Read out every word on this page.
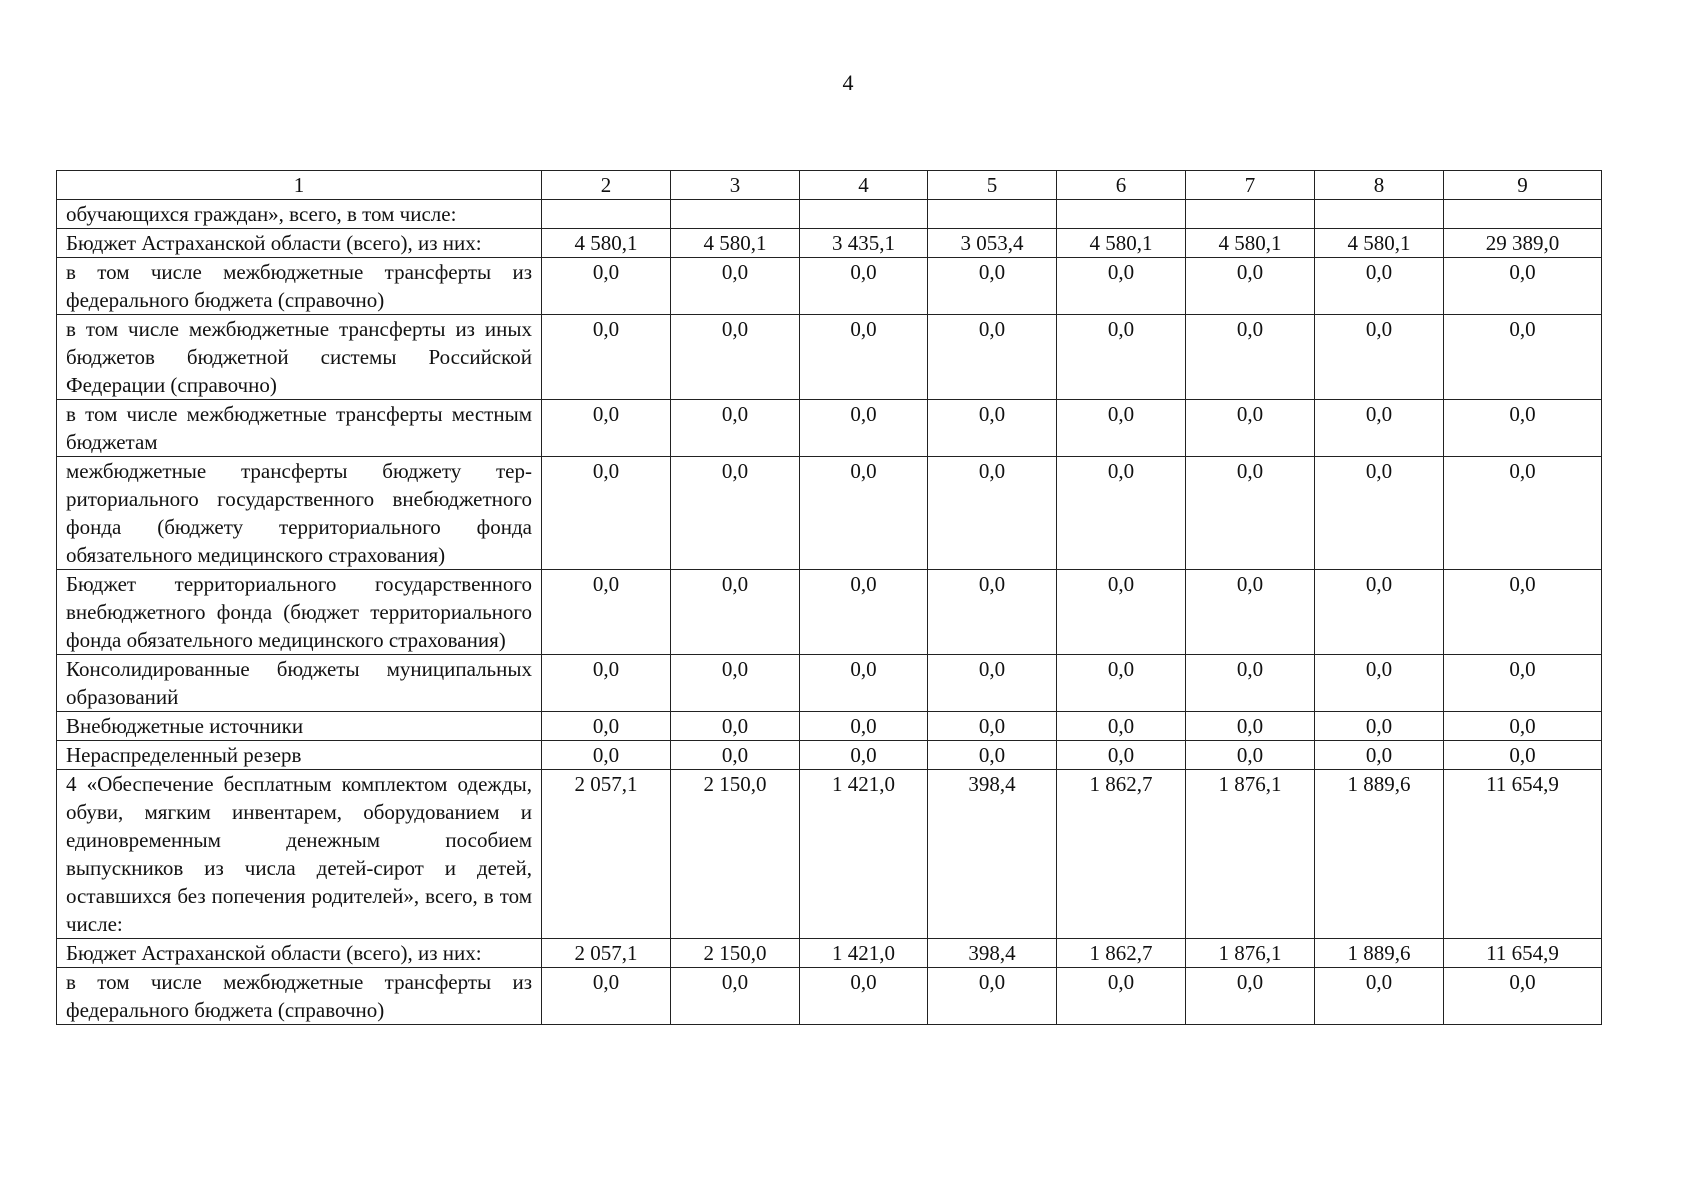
4
1	2	3	4	5	6	7	8	9
обучающихся граждан», всего, в том числе:								
Бюджет Астраханской области (всего), из них:	4 580,1	4 580,1	3 435,1	3 053,4	4 580,1	4 580,1	4 580,1	29 389,0
в том числе межбюджетные трансферты из федерального бюджета (справочно)	0,0	0,0	0,0	0,0	0,0	0,0	0,0	0,0
в том числе межбюджетные трансферты из иных бюджетов бюджетной системы Российской Федерации (справочно)	0,0	0,0	0,0	0,0	0,0	0,0	0,0	0,0
в том числе межбюджетные трансферты местным бюджетам	0,0	0,0	0,0	0,0	0,0	0,0	0,0	0,0
межбюджетные трансферты бюджету территориального государственного внебюджетного фонда (бюджету территориального фонда обязательного медицинского страхования)	0,0	0,0	0,0	0,0	0,0	0,0	0,0	0,0
Бюджет территориального государственного внебюджетного фонда (бюджет территориального фонда обязательного медицинского страхования)	0,0	0,0	0,0	0,0	0,0	0,0	0,0	0,0
Консолидированные бюджеты муниципальных образований	0,0	0,0	0,0	0,0	0,0	0,0	0,0	0,0
Внебюджетные источники	0,0	0,0	0,0	0,0	0,0	0,0	0,0	0,0
Нераспределенный резерв	0,0	0,0	0,0	0,0	0,0	0,0	0,0	0,0
4 «Обеспечение бесплатным комплектом одежды, обуви, мягким инвентарем, оборудованием и единовременным денежным пособием выпускников из числа детей-сирот и детей, оставшихся без попечения родителей», всего, в том числе:	2 057,1	2 150,0	1 421,0	398,4	1 862,7	1 876,1	1 889,6	11 654,9
Бюджет Астраханской области (всего), из них:	2 057,1	2 150,0	1 421,0	398,4	1 862,7	1 876,1	1 889,6	11 654,9
в том числе межбюджетные трансферты из федерального бюджета (справочно)	0,0	0,0	0,0	0,0	0,0	0,0	0,0	0,0
